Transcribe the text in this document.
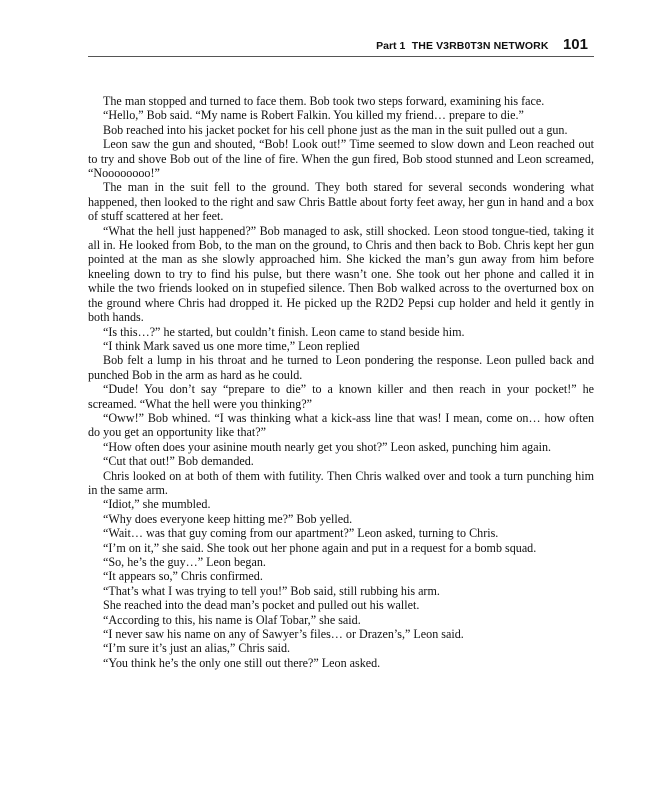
Part 1 THE V3RB0T3N NETWORK 101

The man stopped and turned to face them. Bob took two steps forward, examining his face.

“Hello,” Bob said. “My name is Robert Falkin. You killed my friend… prepare to die.”

Bob reached into his jacket pocket for his cell phone just as the man in the suit pulled out a gun.

Leon saw the gun and shouted, “Bob! Look out!” Time seemed to slow down and Leon reached out to try and shove Bob out of the line of fire. When the gun fired, Bob stood stunned and Leon screamed, “Noooooooo!”

The man in the suit fell to the ground. They both stared for several seconds wondering what happened, then looked to the right and saw Chris Battle about forty feet away, her gun in hand and a box of stuff scattered at her feet.

“What the hell just happened?” Bob managed to ask, still shocked. Leon stood tongue-tied, taking it all in. He looked from Bob, to the man on the ground, to Chris and then back to Bob. Chris kept her gun pointed at the man as she slowly approached him. She kicked the man’s gun away from him before kneeling down to try to find his pulse, but there wasn’t one. She took out her phone and called it in while the two friends looked on in stupefied silence. Then Bob walked across to the overturned box on the ground where Chris had dropped it. He picked up the R2D2 Pepsi cup holder and held it gently in both hands.

“Is this…?” he started, but couldn’t finish. Leon came to stand beside him.

“I think Mark saved us one more time,” Leon replied

Bob felt a lump in his throat and he turned to Leon pondering the response. Leon pulled back and punched Bob in the arm as hard as he could.

“Dude! You don’t say “prepare to die” to a known killer and then reach in your pocket!” he screamed. “What the hell were you thinking?”

“Oww!” Bob whined. “I was thinking what a kick-ass line that was! I mean, come on… how often do you get an opportunity like that?”

“How often does your asinine mouth nearly get you shot?” Leon asked, punching him again.

“Cut that out!” Bob demanded.

Chris looked on at both of them with futility. Then Chris walked over and took a turn punching him in the same arm.

“Idiot,” she mumbled.

“Why does everyone keep hitting me?” Bob yelled.

“Wait… was that guy coming from our apartment?” Leon asked, turning to Chris.

“I’m on it,” she said. She took out her phone again and put in a request for a bomb squad.

“So, he’s the guy…” Leon began.

“It appears so,” Chris confirmed.

“That’s what I was trying to tell you!” Bob said, still rubbing his arm.

She reached into the dead man’s pocket and pulled out his wallet.

“According to this, his name is Olaf Tobar,” she said.

“I never saw his name on any of Sawyer’s files… or Drazen’s,” Leon said.

“I’m sure it’s just an alias,” Chris said.

“You think he’s the only one still out there?” Leon asked.
